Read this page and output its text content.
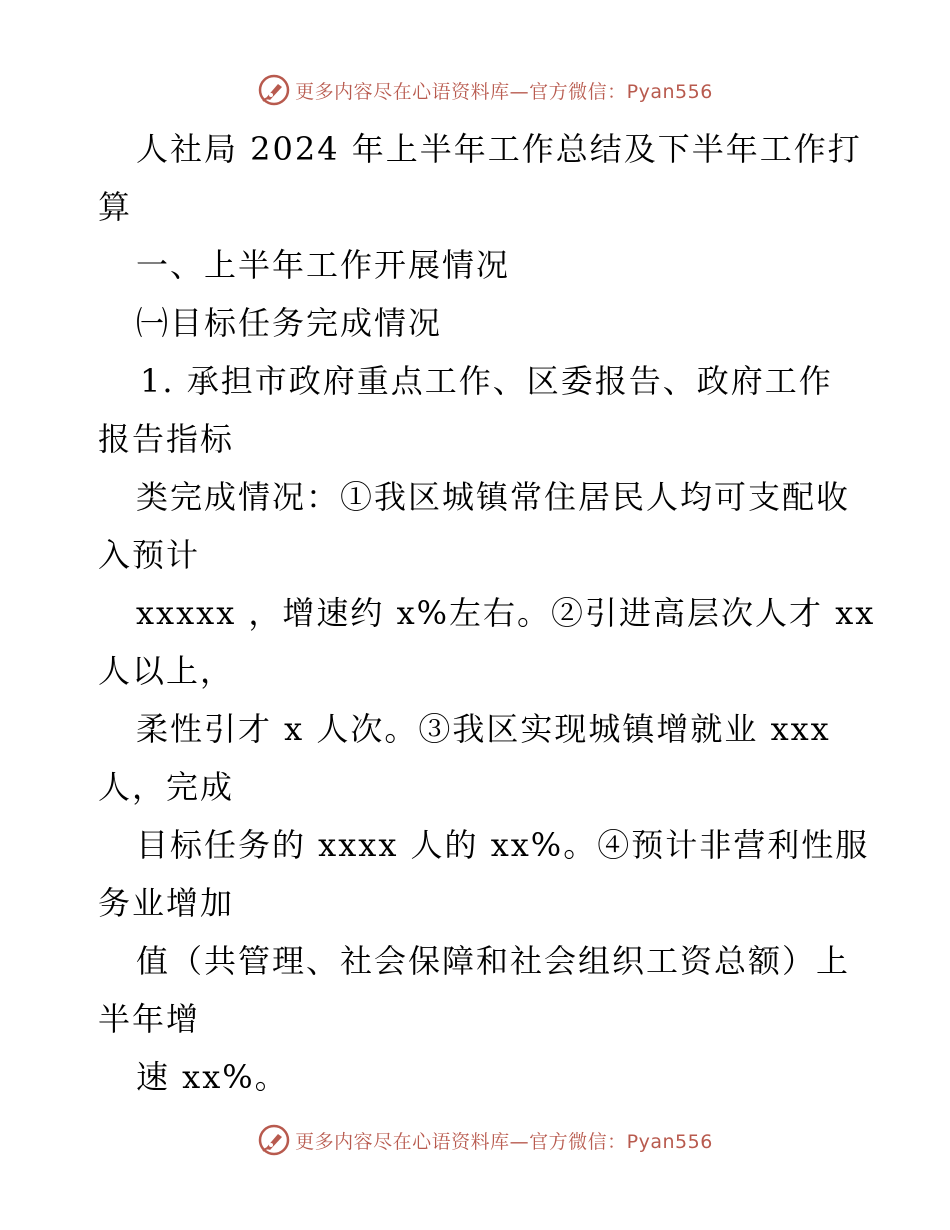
更多内容尽在心语资料库—官方微信：Pyan556
人社局 2024 年上半年工作总结及下半年工作打
算
一、上半年工作开展情况
㈠目标任务完成情况
1. 承担市政府重点工作、区委报告、政府工作
报告指标
类完成情况：①我区城镇常住居民人均可支配收
入预计
xxxxx ，增速约 x%左右。②引进高层次人才 xx
人以上，
柔性引才 x 人次。③我区实现城镇增就业 xxx
人，完成
目标任务的 xxxx 人的 xx%。④预计非营利性服
务业增加
值（共管理、社会保障和社会组织工资总额）上
半年增
速 xx%。
更多内容尽在心语资料库—官方微信：Pyan556
